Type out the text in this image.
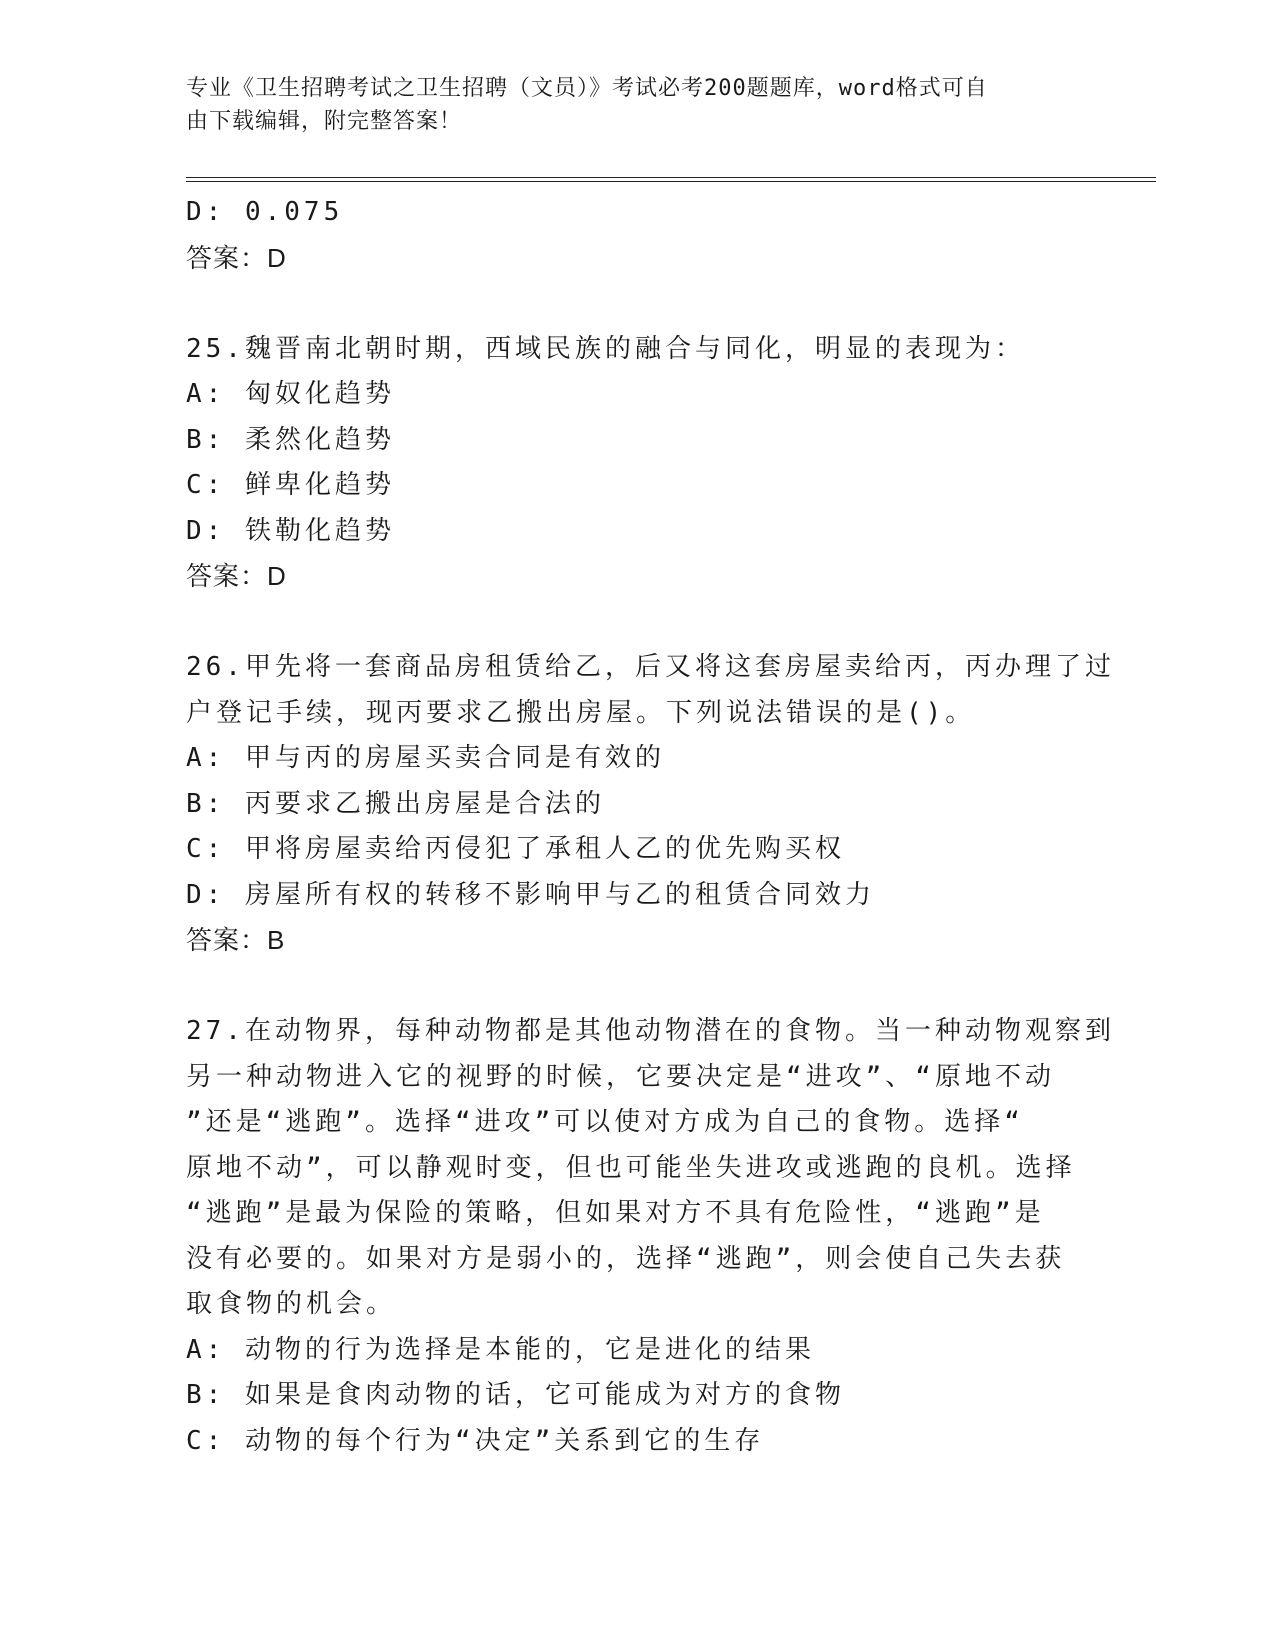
专业《卫生招聘考试之卫生招聘（文员）》考试必考200题题库，word格式可自
由下载编辑，附完整答案！
D: 0.075
答案：D
25.魏晋南北朝时期，西域民族的融合与同化，明显的表现为：
A: 匈奴化趋势
B: 柔然化趋势
C: 鲜卑化趋势
D: 铁勒化趋势
答案：D
26.甲先将一套商品房租赁给乙，后又将这套房屋卖给丙，丙办理了过
户登记手续，现丙要求乙搬出房屋。下列说法错误的是()。
A: 甲与丙的房屋买卖合同是有效的
B: 丙要求乙搬出房屋是合法的
C: 甲将房屋卖给丙侵犯了承租人乙的优先购买权
D: 房屋所有权的转移不影响甲与乙的租赁合同效力
答案：B
27.在动物界，每种动物都是其他动物潜在的食物。当一种动物观察到
另一种动物进入它的视野的时候，它要决定是“进攻”、“原地不动
”还是“逃跑”。选择“进攻”可以使对方成为自己的食物。选择“
原地不动”，可以静观时变，但也可能坐失进攻或逃跑的良机。选择
“逃跑”是最为保险的策略，但如果对方不具有危险性，“逃跑”是
没有必要的。如果对方是弱小的，选择“逃跑”，则会使自己失去获
取食物的机会。
A: 动物的行为选择是本能的，它是进化的结果
B: 如果是食肉动物的话，它可能成为对方的食物
C: 动物的每个行为“决定”关系到它的生存
